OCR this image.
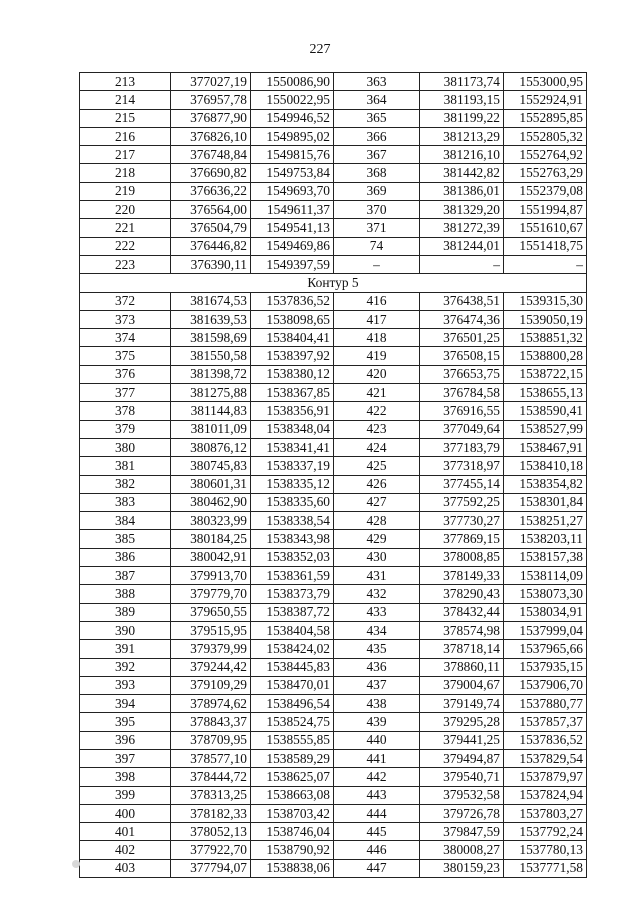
227
213	377027,19	1550086,90	363	381173,74	1553000,95
214	376957,78	1550022,95	364	381193,15	1552924,91
215	376877,90	1549946,52	365	381199,22	1552895,85
216	376826,10	1549895,02	366	381213,29	1552805,32
217	376748,84	1549815,76	367	381216,10	1552764,92
218	376690,82	1549753,84	368	381442,82	1552763,29
219	376636,22	1549693,70	369	381386,01	1552379,08
220	376564,00	1549611,37	370	381329,20	1551994,87
221	376504,79	1549541,13	371	381272,39	1551610,67
222	376446,82	1549469,86	74	381244,01	1551418,75
223	376390,11	1549397,59	–	–	–
Контур 5					
372	381674,53	1537836,52	416	376438,51	1539315,30
373	381639,53	1538098,65	417	376474,36	1539050,19
374	381598,69	1538404,41	418	376501,25	1538851,32
375	381550,58	1538397,92	419	376508,15	1538800,28
376	381398,72	1538380,12	420	376653,75	1538722,15
377	381275,88	1538367,85	421	376784,58	1538655,13
378	381144,83	1538356,91	422	376916,55	1538590,41
379	381011,09	1538348,04	423	377049,64	1538527,99
380	380876,12	1538341,41	424	377183,79	1538467,91
381	380745,83	1538337,19	425	377318,97	1538410,18
382	380601,31	1538335,12	426	377455,14	1538354,82
383	380462,90	1538335,60	427	377592,25	1538301,84
384	380323,99	1538338,54	428	377730,27	1538251,27
385	380184,25	1538343,98	429	377869,15	1538203,11
386	380042,91	1538352,03	430	378008,85	1538157,38
387	379913,70	1538361,59	431	378149,33	1538114,09
388	379779,70	1538373,79	432	378290,43	1538073,30
389	379650,55	1538387,72	433	378432,44	1538034,91
390	379515,95	1538404,58	434	378574,98	1537999,04
391	379379,99	1538424,02	435	378718,14	1537965,66
392	379244,42	1538445,83	436	378860,11	1537935,15
393	379109,29	1538470,01	437	379004,67	1537906,70
394	378974,62	1538496,54	438	379149,74	1537880,77
395	378843,37	1538524,75	439	379295,28	1537857,37
396	378709,95	1538555,85	440	379441,25	1537836,52
397	378577,10	1538589,29	441	379494,87	1537829,54
398	378444,72	1538625,07	442	379540,71	1537879,97
399	378313,25	1538663,08	443	379532,58	1537824,94
400	378182,33	1538703,42	444	379726,78	1537803,27
401	378052,13	1538746,04	445	379847,59	1537792,24
402	377922,70	1538790,92	446	380008,27	1537780,13
403	377794,07	1538838,06	447	380159,23	1537771,58
